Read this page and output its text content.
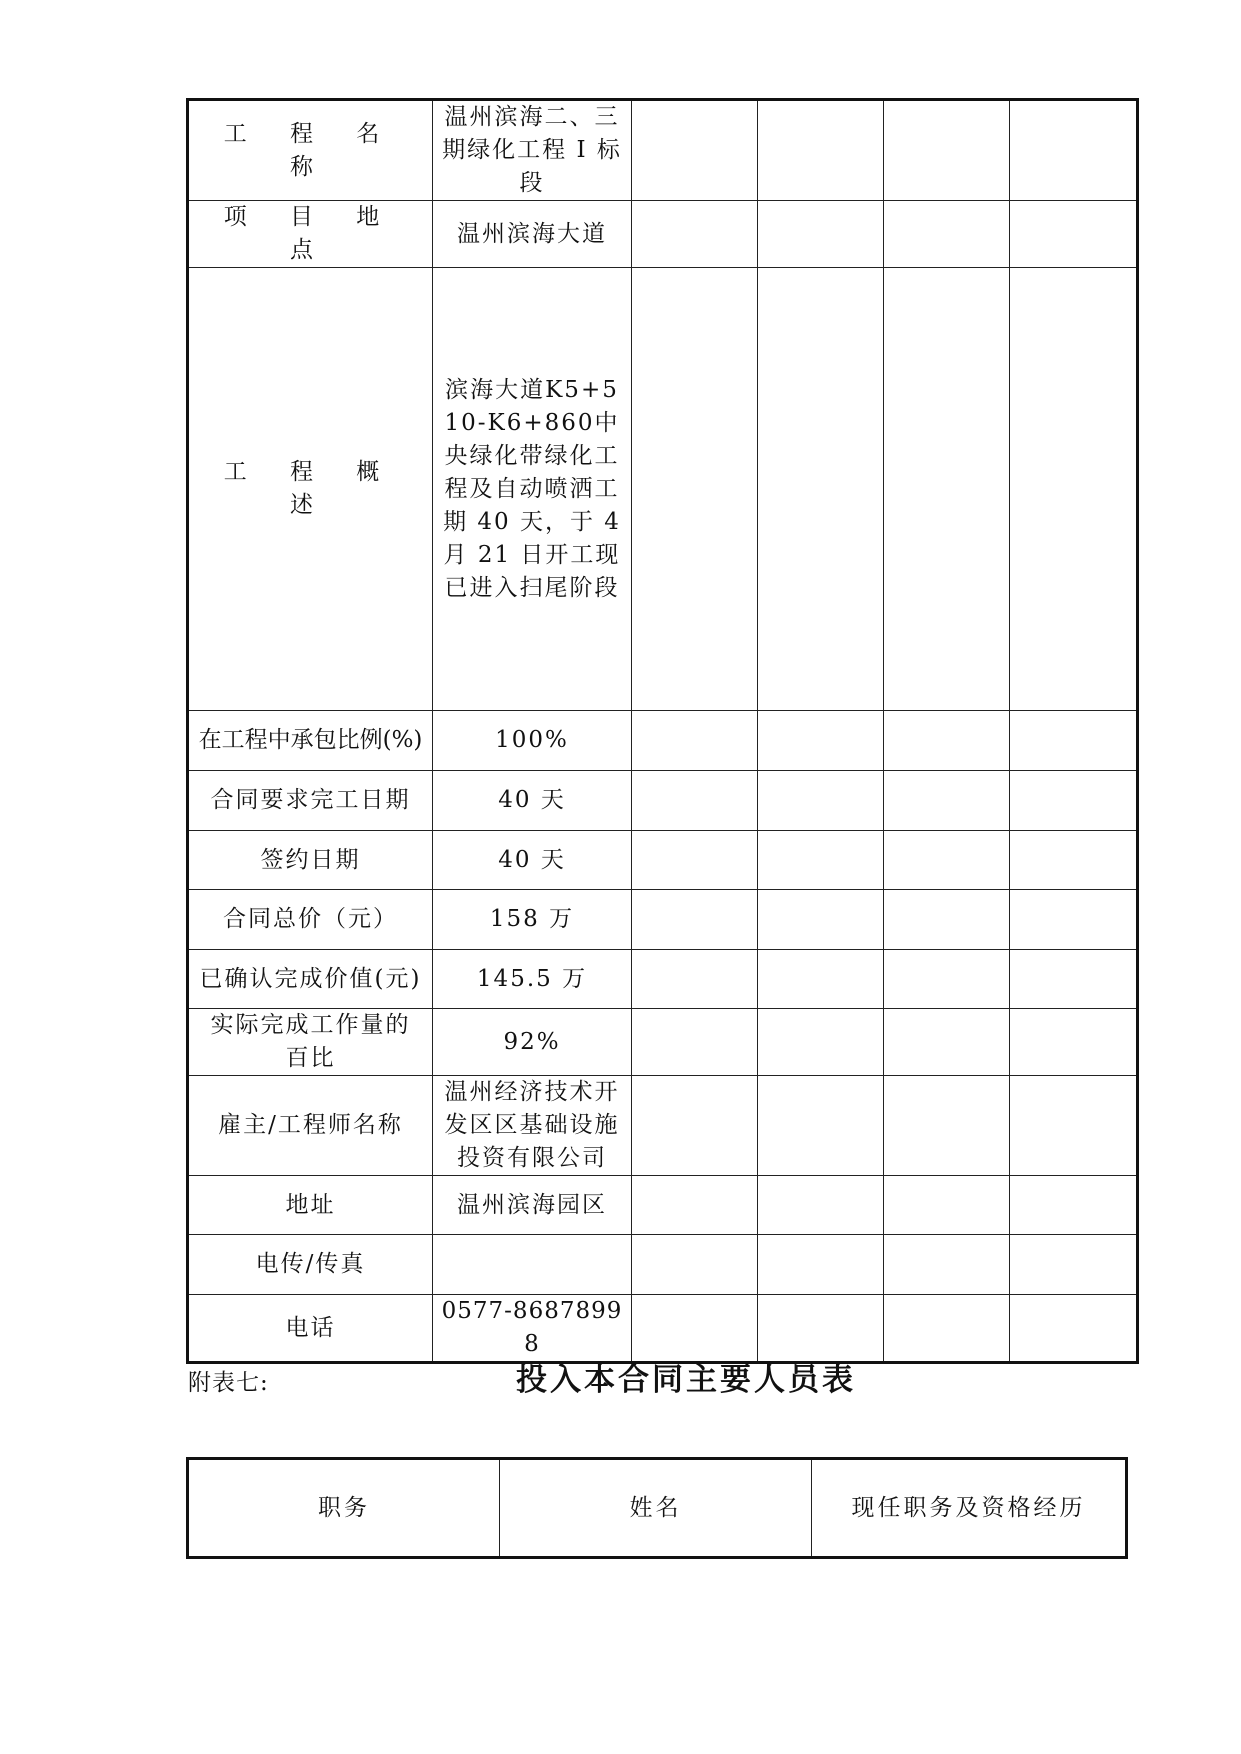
工 程 名 称	温州滨海二、三期绿化工程 I 标段				
项 目 地 点	温州滨海大道				
工 程 概 述	滨海大道K5+510-K6+860中央绿化带绿化工程及自动喷洒工期 40 天，于 4 月 21 日开工现已进入扫尾阶段				
在工程中承包比例(%)	100%				
合同要求完工日期	40 天				
签约日期	40 天				
合同总价（元）	158 万				
已确认完成价值(元)	145.5 万				
实际完成工作量的百比	92%				
雇主/工程师名称	温州经济技术开发区区基础设施投资有限公司				
地址	温州滨海园区				
电传/传真					
电话	0577-86878998				
附表七:	投入本合同主要人员表
职务	姓名	现任职务及资格经历
